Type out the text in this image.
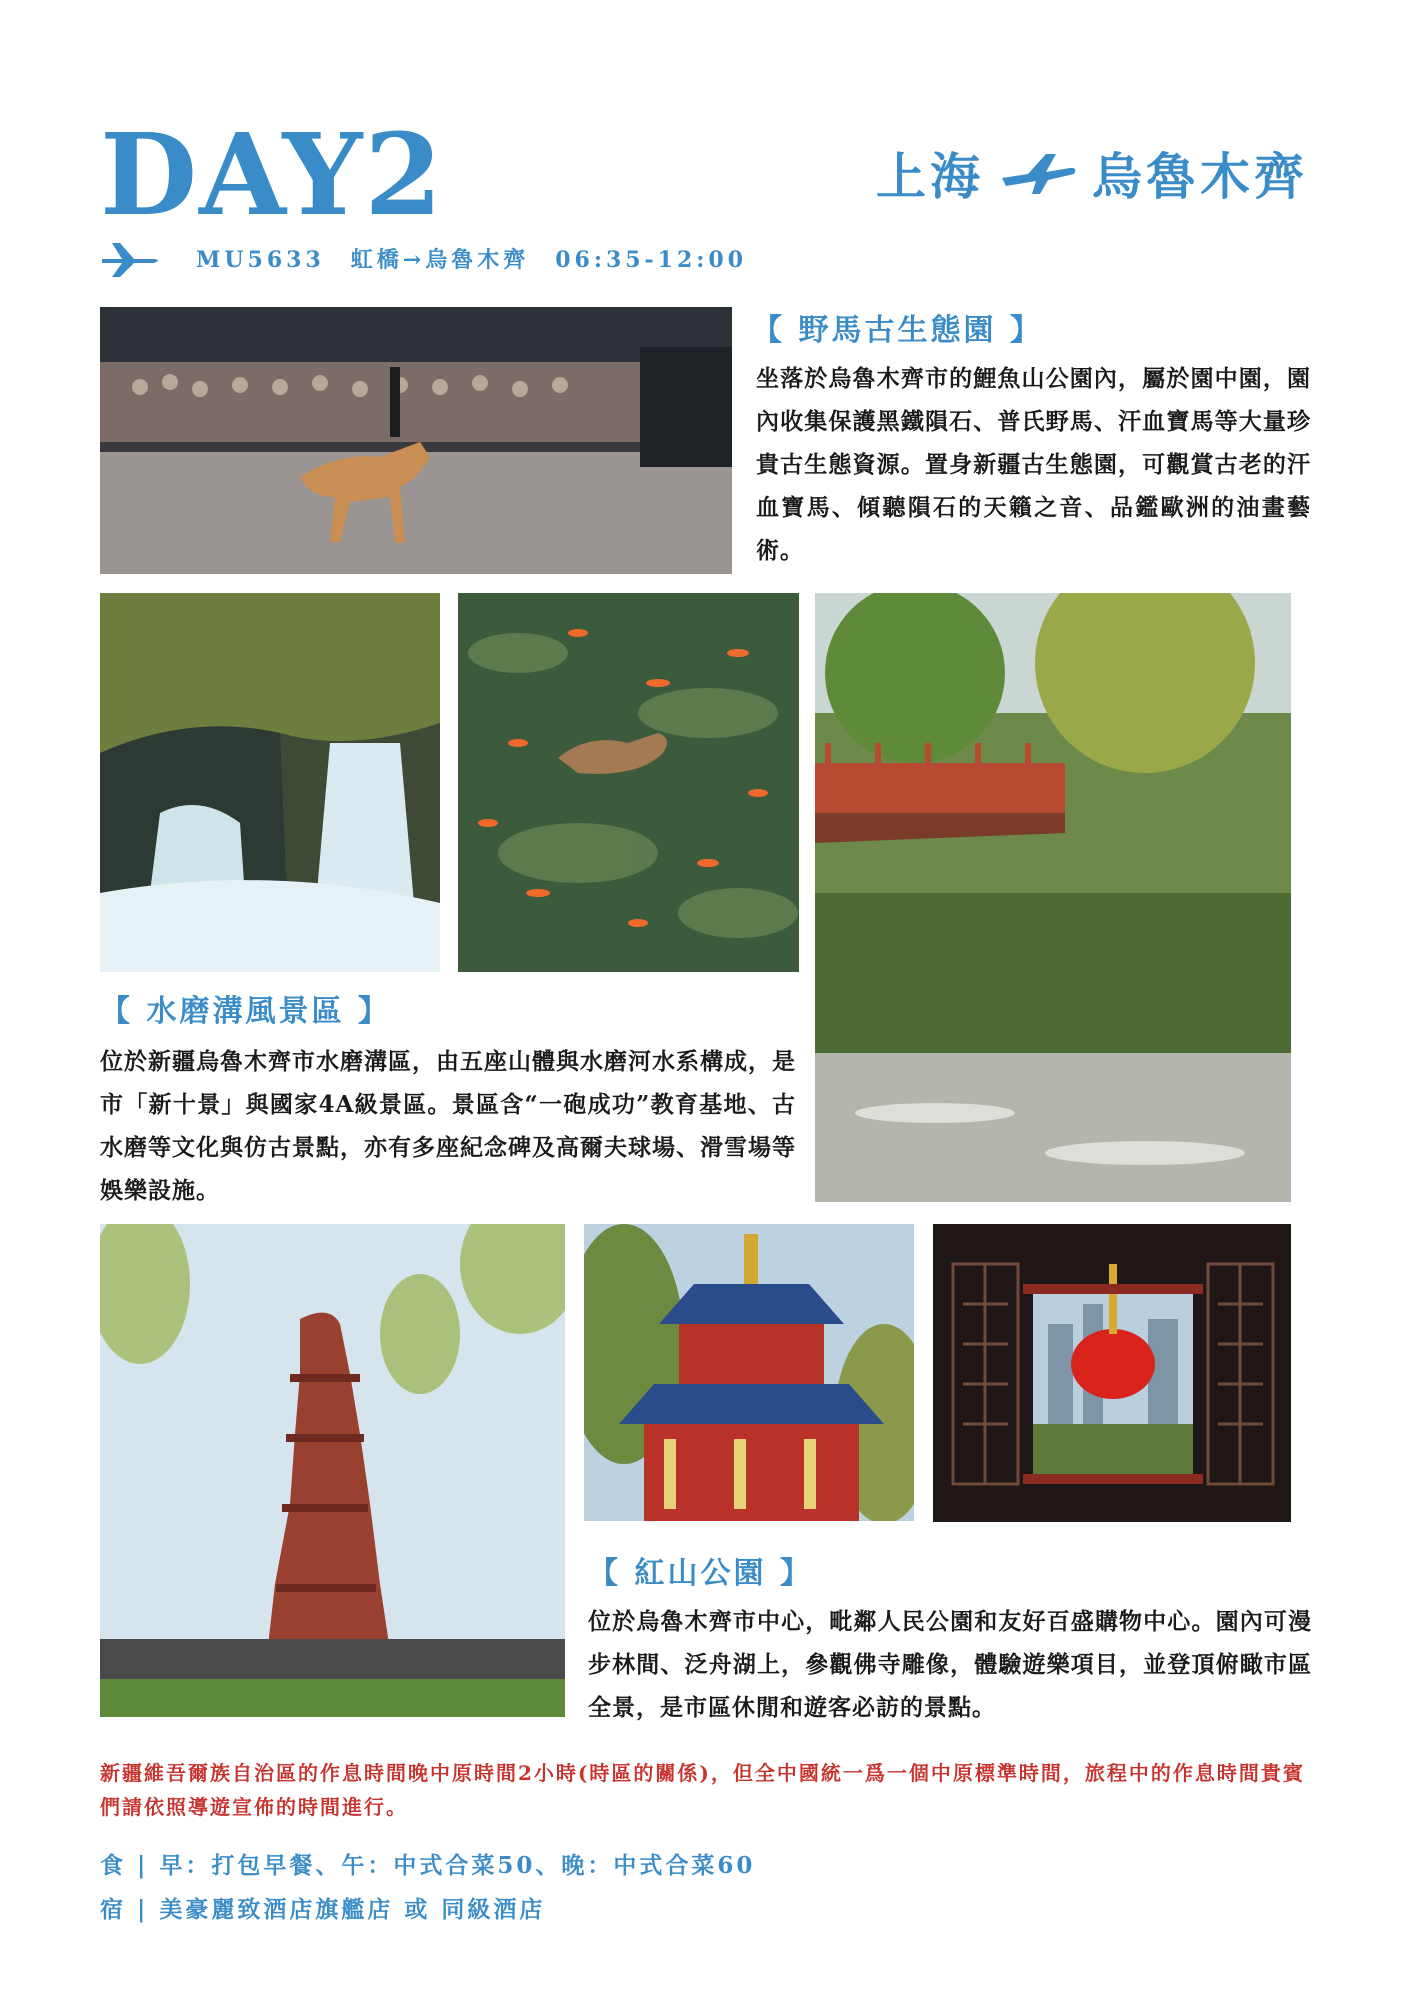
DAY2	上海 烏魯木齊
MU5633　虹橋→烏魯木齊　06:35-12:00
【 野馬古生態園 】
坐落於烏魯木齊市的鯉魚山公園內，屬於園中園，園內收集保護黑鐵隕石、普氏野馬、汗血寶馬等大量珍貴古生態資源。置身新疆古生態園，可觀賞古老的汗血寶馬、傾聽隕石的天籟之音、品鑑歐洲的油畫藝術。
【 水磨溝風景區 】
位於新疆烏魯木齊市水磨溝區，由五座山體與水磨河水系構成，是市「新十景」與國家4A級景區。景區含“一砲成功”教育基地、古水磨等文化與仿古景點，亦有多座紀念碑及高爾夫球場、滑雪場等娛樂設施。
【 紅山公園 】
位於烏魯木齊市中心，毗鄰人民公園和友好百盛購物中心。園內可漫步林間、泛舟湖上，參觀佛寺雕像，體驗遊樂項目，並登頂俯瞰市區全景，是市區休閒和遊客必訪的景點。
新疆維吾爾族自治區的作息時間晚中原時間2小時(時區的關係)，但全中國統一爲一個中原標準時間，旅程中的作息時間貴賓們請依照導遊宣佈的時間進行。
食 | 早：打包早餐、午：中式合菜50、晚：中式合菜60
宿 | 美豪麗致酒店旗艦店 或 同級酒店
